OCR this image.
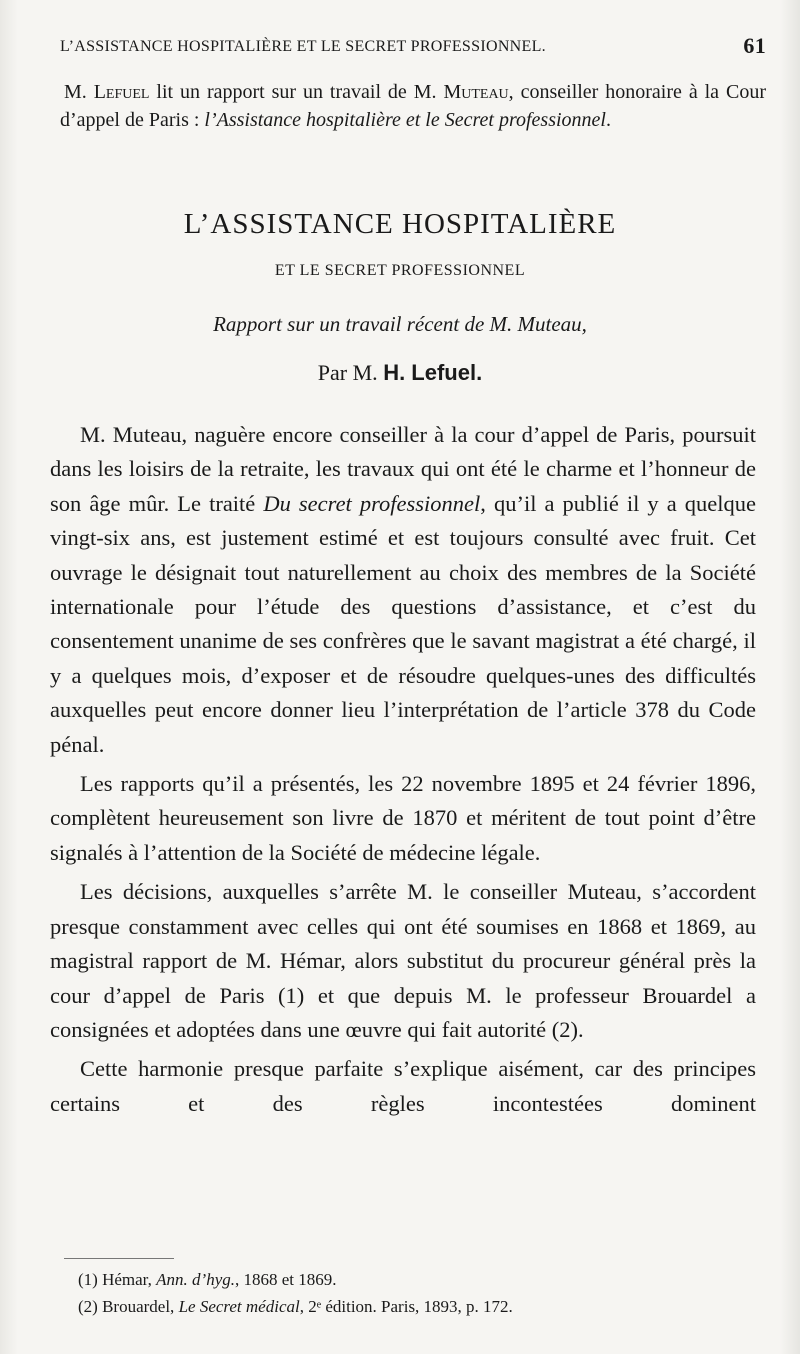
L’ASSISTANCE HOSPITALIÈRE ET LE SECRET PROFESSIONNEL.	61
M. Lefuel lit un rapport sur un travail de M. Muteau, conseiller honoraire à la Cour d’appel de Paris : l’Assistance hospitalière et le Secret professionnel.
L’ASSISTANCE HOSPITALIÈRE
ET LE SECRET PROFESSIONNEL
Rapport sur un travail récent de M. Muteau,
Par M. H. Lefuel.

M. Muteau, naguère encore conseiller à la cour d’appel de Paris, poursuit dans les loisirs de la retraite, les travaux qui ont été le charme et l’honneur de son âge mûr. Le traité Du secret professionnel, qu’il a publié il y a quelque vingt-six ans, est justement estimé et est toujours consulté avec fruit. Cet ouvrage le désignait tout naturellement au choix des membres de la Société internationale pour l’étude des questions d’assistance, et c’est du consentement unanime de ses confrères que le savant magistrat a été chargé, il y a quelques mois, d’exposer et de résoudre quelques-unes des difficultés auxquelles peut encore donner lieu l’interprétation de l’article 378 du Code pénal.

Les rapports qu’il a présentés, les 22 novembre 1895 et 24 février 1896, complètent heureusement son livre de 1870 et méritent de tout point d’être signalés à l’attention de la Société de médecine légale.

Les décisions, auxquelles s’arrête M. le conseiller Muteau, s’accordent presque constamment avec celles qui ont été soumises en 1868 et 1869, au magistral rapport de M. Hémar, alors substitut du procureur général près la cour d’appel de Paris (1) et que depuis M. le professeur Brouardel a consignées et adoptées dans une œuvre qui fait autorité (2).

Cette harmonie presque parfaite s’explique aisément, car des principes certains et des règles incontestées dominent

(1) Hémar, Ann. d’hyg., 1868 et 1869.
(2) Brouardel, Le Secret médical, 2ᵉ édition. Paris, 1893, p. 172.
